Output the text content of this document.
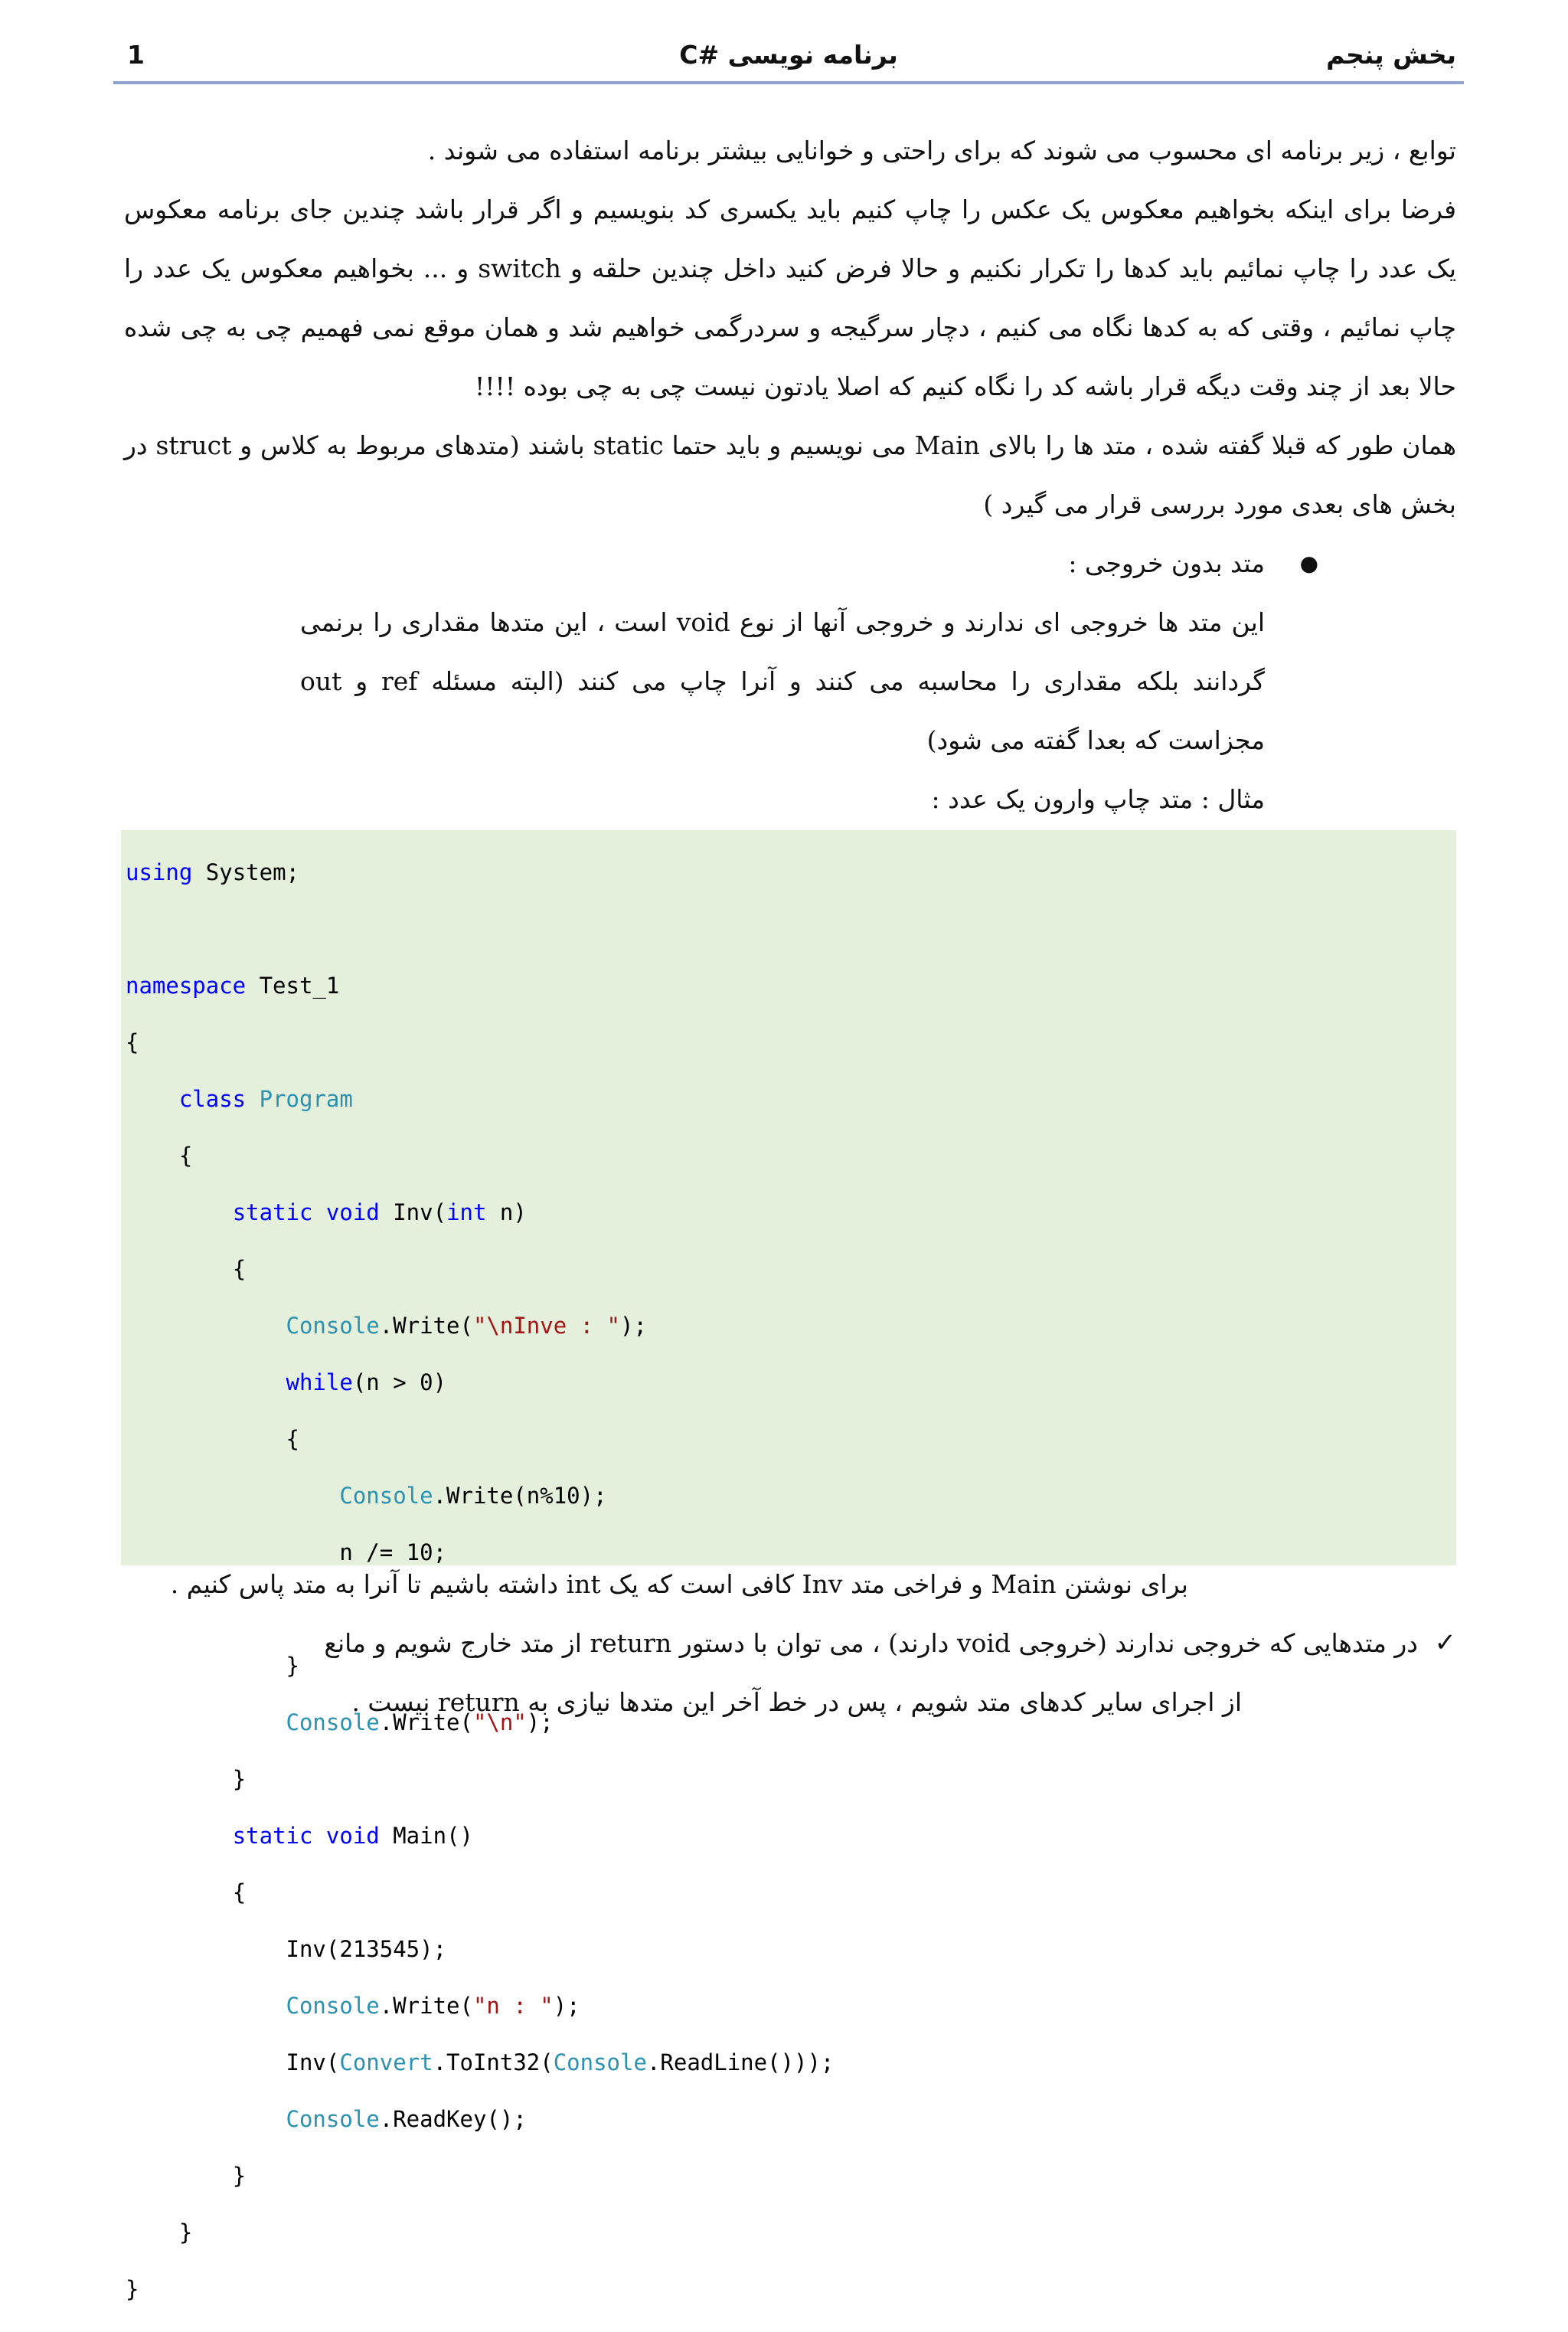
بخش پنجم
برنامه نویسی #C
1

توابع ، زیر برنامه ای محسوب می شوند که برای راحتی و خوانایی بیشتر برنامه استفاده می شوند .

فرضا برای اینکه بخواهیم معکوس یک عکس را چاپ کنیم باید یکسری کد بنویسیم و اگر قرار باشد چندین جای برنامه معکوس یک عدد را چاپ نمائیم باید کدها را تکرار نکنیم و حالا فرض کنید داخل چندین حلقه و switch و ... بخواهیم معکوس یک عدد را چاپ نمائیم ، وقتی که به کدها نگاه می کنیم ، دچار سرگیجه و سردرگمی خواهیم شد و همان موقع نمی فهمیم چی به چی شده حالا بعد از چند وقت دیگه قرار باشه کد را نگاه کنیم که اصلا یادتون نیست چی به چی بوده !!!!

همان طور که قبلا گفته شده ، متد ها را بالای Main می نویسیم و باید حتما static باشند (متدهای مربوط به کلاس و struct در بخش های بعدی مورد بررسی قرار می گیرد )

● متد بدون خروجی :

این متد ها خروجی ای ندارند و خروجی آنها از نوع void است ، این متدها مقداری را برنمی گردانند بلکه مقداری را محاسبه می کنند و آنرا چاپ می کنند (البته مسئله ref و out مجزاست که بعدا گفته می شود)

مثال : متد چاپ وارون یک عدد :

using System;

namespace Test_1

{

class Program

{

static void Inv(int n)

{

Console.Write("\nInve : ");

while(n > 0)

{

Console.Write(n%10);

n /= 10;

}

Console.Write("\n");

}

static void Main()

{

Inv(213545);

Console.Write("n : ");

Inv(Convert.ToInt32(Console.ReadLine()));

Console.ReadKey();

}

}

}

برای نوشتن Main و فراخی متد Inv کافی است که یک int داشته باشیم تا آنرا به متد پاس کنیم .

✓ در متدهایی که خروجی ندارند (خروجی void دارند) ، می توان با دستور return از متد خارج شویم و مانع

از اجرای سایر کدهای متد شویم ، پس در خط آخر این متدها نیازی به return نیست .
